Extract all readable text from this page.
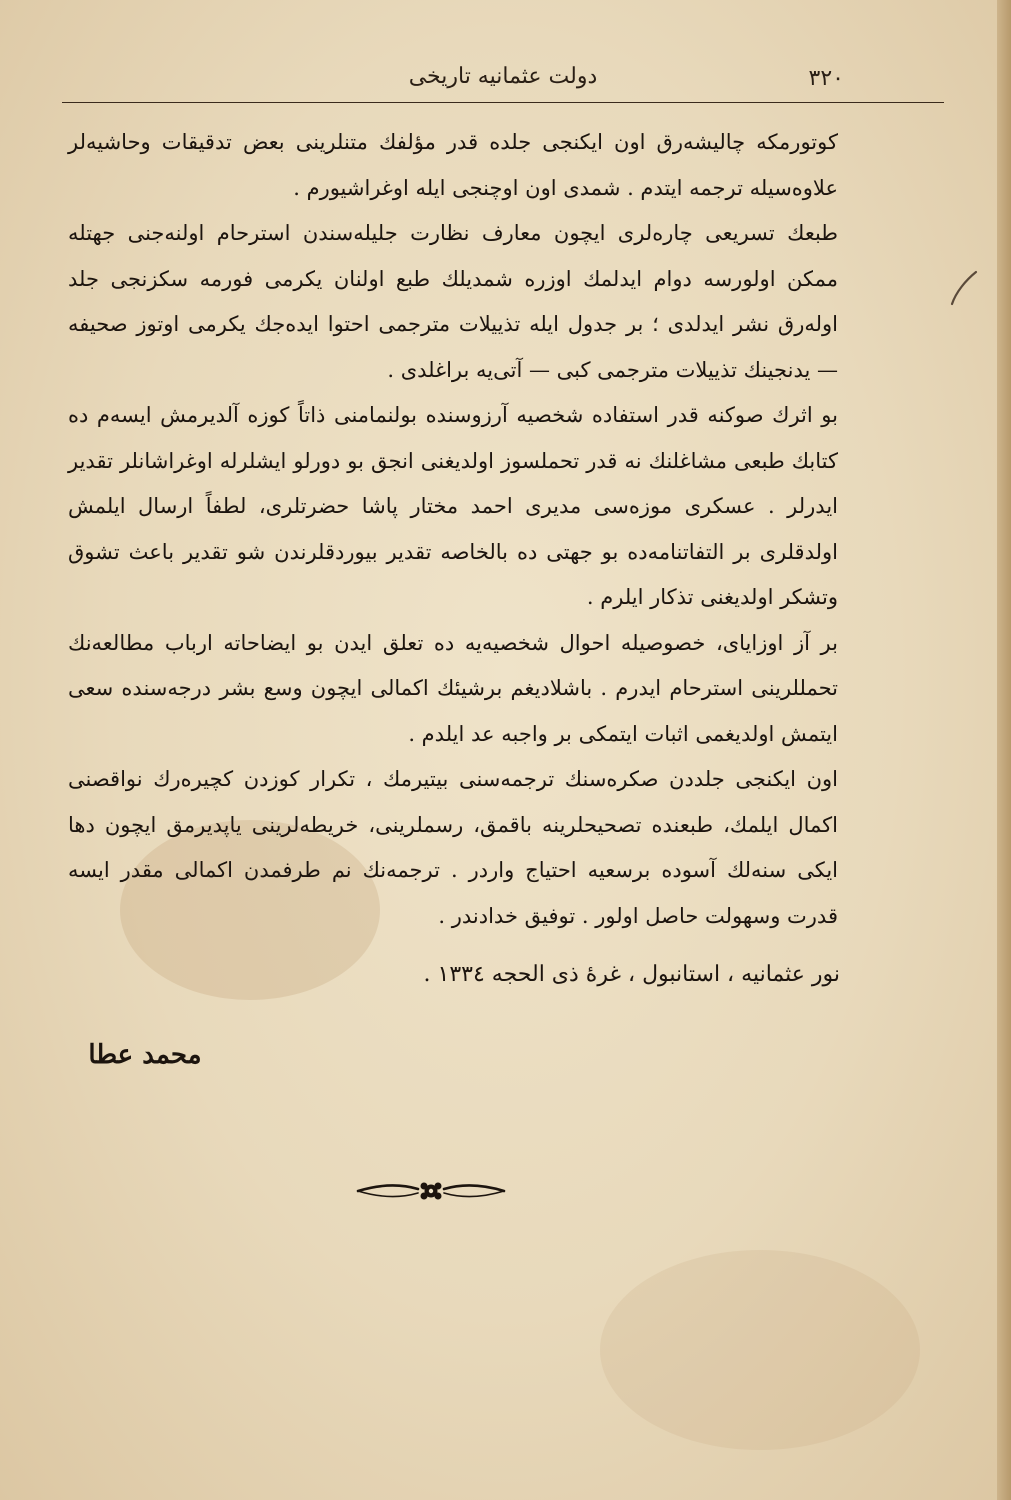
٣٢٠
دولت عثمانيه تاريخى

كوتورمكه چاليشه‌رق اون ايكنجى جلده قدر مؤلفك متنلرينى بعض تدقيقات وحاشيه‌لر علاوه‌سيله ترجمه ايتدم . شمدى اون اوچنجى ايله اوغراشيورم .

طبعك تسريعى چاره‌لرى ايچون معارف نظارت جليله‌سندن استرحام اولنه‌جنى جهتله ممكن اولورسه دوام ايدلمك اوزره شمديلك طبع اولنان يكرمى فورمه سكزنجى جلد اوله‌رق نشر ايدلدى ؛ بر جدول ايله تذييلات مترجمى احتوا ايده‌جك يكرمى اوتوز صحيفه — يدنجينك تذييلات مترجمى كبى — آتى‌يه براغلدى .

بو اثرك صوكنه قدر استفاده شخصيه آرزوسنده بولنمامنى ذاتاً كوزه آلديرمش ايسه‌م ده كتابك طبعى مشاغلنك نه قدر تحملسوز اولديغنى انجق بو دورلو ايشلرله اوغراشانلر تقدير ايدرلر . عسكرى موزه‌سى مديرى احمد مختار پاشا حضرتلرى، لطفاً ارسال ايلمش اولدقلرى بر التفاتنامه‌ده بو جهتى ده بالخاصه تقدير بيوردقلرندن شو تقدير باعث تشوق وتشكر اولديغنى تذكار ايلرم .

بر آز اوزاياى، خصوصيله احوال شخصيه‌يه ده تعلق ايدن بو ايضاحاته ارباب مطالعه‌نك تحمللرينى استرحام ايدرم . باشلاديغم برشيئك اكمالى ايچون وسع بشر درجه‌سنده سعى ايتمش اولديغمى اثبات ايتمكى بر واجبه عد ايلدم .

اون ايكنجى جلددن صكره‌سنك ترجمه‌سنى بيتيرمك ، تكرار كوزدن كچيره‌رك نواقصنى اكمال ايلمك، طبعنده تصحيحلرينه باقمق، رسملرينى، خريطه‌لرينى ياپديرمق ايچون دها ايكى سنه‌لك آسوده برسعيه احتياج واردر . ترجمه‌نك نم طرفمدن اكمالى مقدر ايسه قدرت وسهولت حاصل اولور . توفيق خدادندر .

نور عثمانيه ، استانبول ، غرهٔ ذى الحجه ١٣٣٤ .
محمد عطا
